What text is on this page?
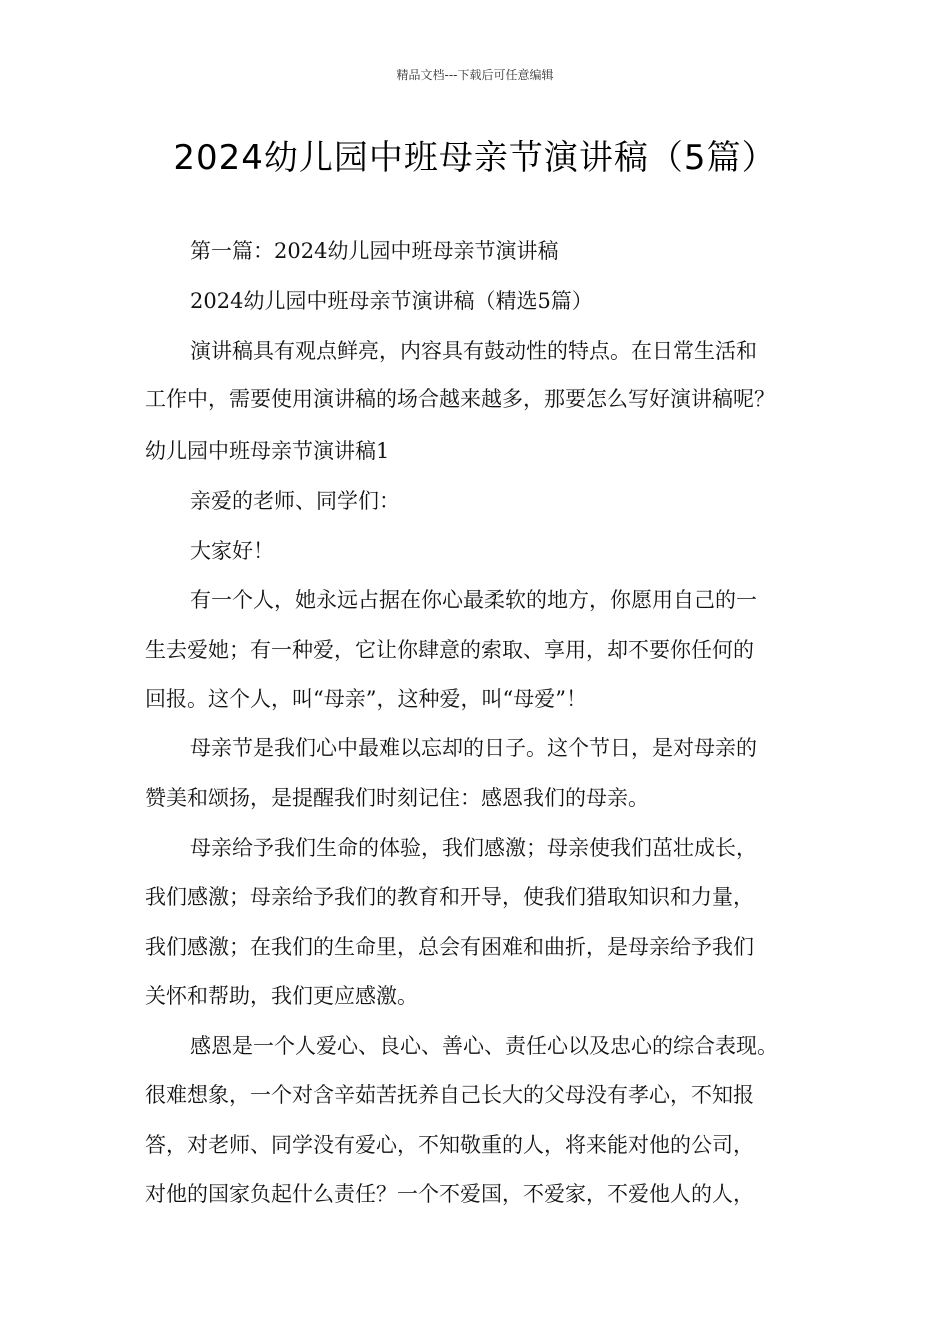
精品文档---下载后可任意编辑
2024幼儿园中班母亲节演讲稿（5篇）
第一篇：2024幼儿园中班母亲节演讲稿
2024幼儿园中班母亲节演讲稿（精选5篇）
演讲稿具有观点鲜亮，内容具有鼓动性的特点。在日常生活和
工作中，需要使用演讲稿的场合越来越多，那要怎么写好演讲稿呢？
幼儿园中班母亲节演讲稿1
亲爱的老师、同学们：
大家好！
有一个人，她永远占据在你心最柔软的地方，你愿用自己的一
生去爱她；有一种爱，它让你肆意的索取、享用，却不要你任何的
回报。这个人，叫“母亲”，这种爱，叫“母爱”！
母亲节是我们心中最难以忘却的日子。这个节日，是对母亲的
赞美和颂扬，是提醒我们时刻记住：感恩我们的母亲。
母亲给予我们生命的体验，我们感激；母亲使我们茁壮成长，
我们感激；母亲给予我们的教育和开导，使我们猎取知识和力量，
我们感激；在我们的生命里，总会有困难和曲折，是母亲给予我们
关怀和帮助，我们更应感激。
感恩是一个人爱心、良心、善心、责任心以及忠心的综合表现。
很难想象，一个对含辛茹苦抚养自己长大的父母没有孝心，不知报
答，对老师、同学没有爱心，不知敬重的人，将来能对他的公司，
对他的国家负起什么责任？一个不爱国，不爱家，不爱他人的人，
